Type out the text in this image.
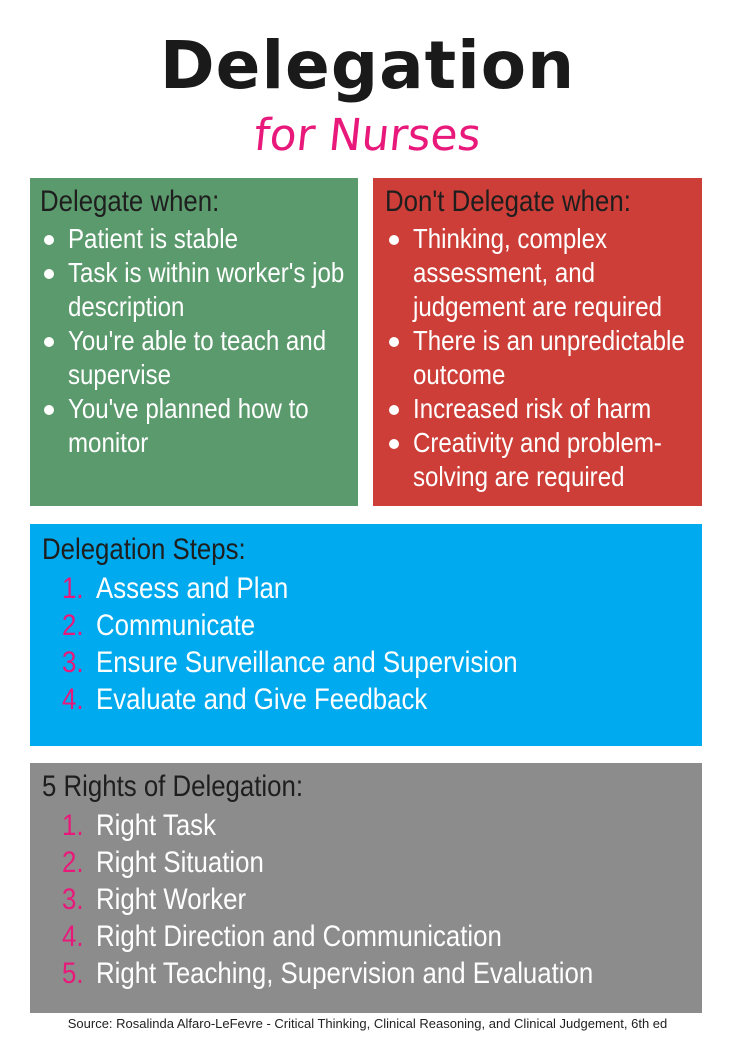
Delegation
for Nurses
Delegate when:
Patient is stable
Task is within worker's job description
You're able to teach and supervise
You've planned how to monitor
Don't Delegate when:
Thinking, complex assessment, and judgement are required
There is an unpredictable outcome
Increased risk of harm
Creativity and problem-solving are required
Delegation Steps:
1. Assess and Plan
2. Communicate
3. Ensure Surveillance and Supervision
4. Evaluate and Give Feedback
5 Rights of Delegation:
1. Right Task
2. Right Situation
3. Right Worker
4. Right Direction and Communication
5. Right Teaching, Supervision and Evaluation
Source: Rosalinda Alfaro-LeFevre - Critical Thinking, Clinical Reasoning, and Clinical Judgement, 6th ed
